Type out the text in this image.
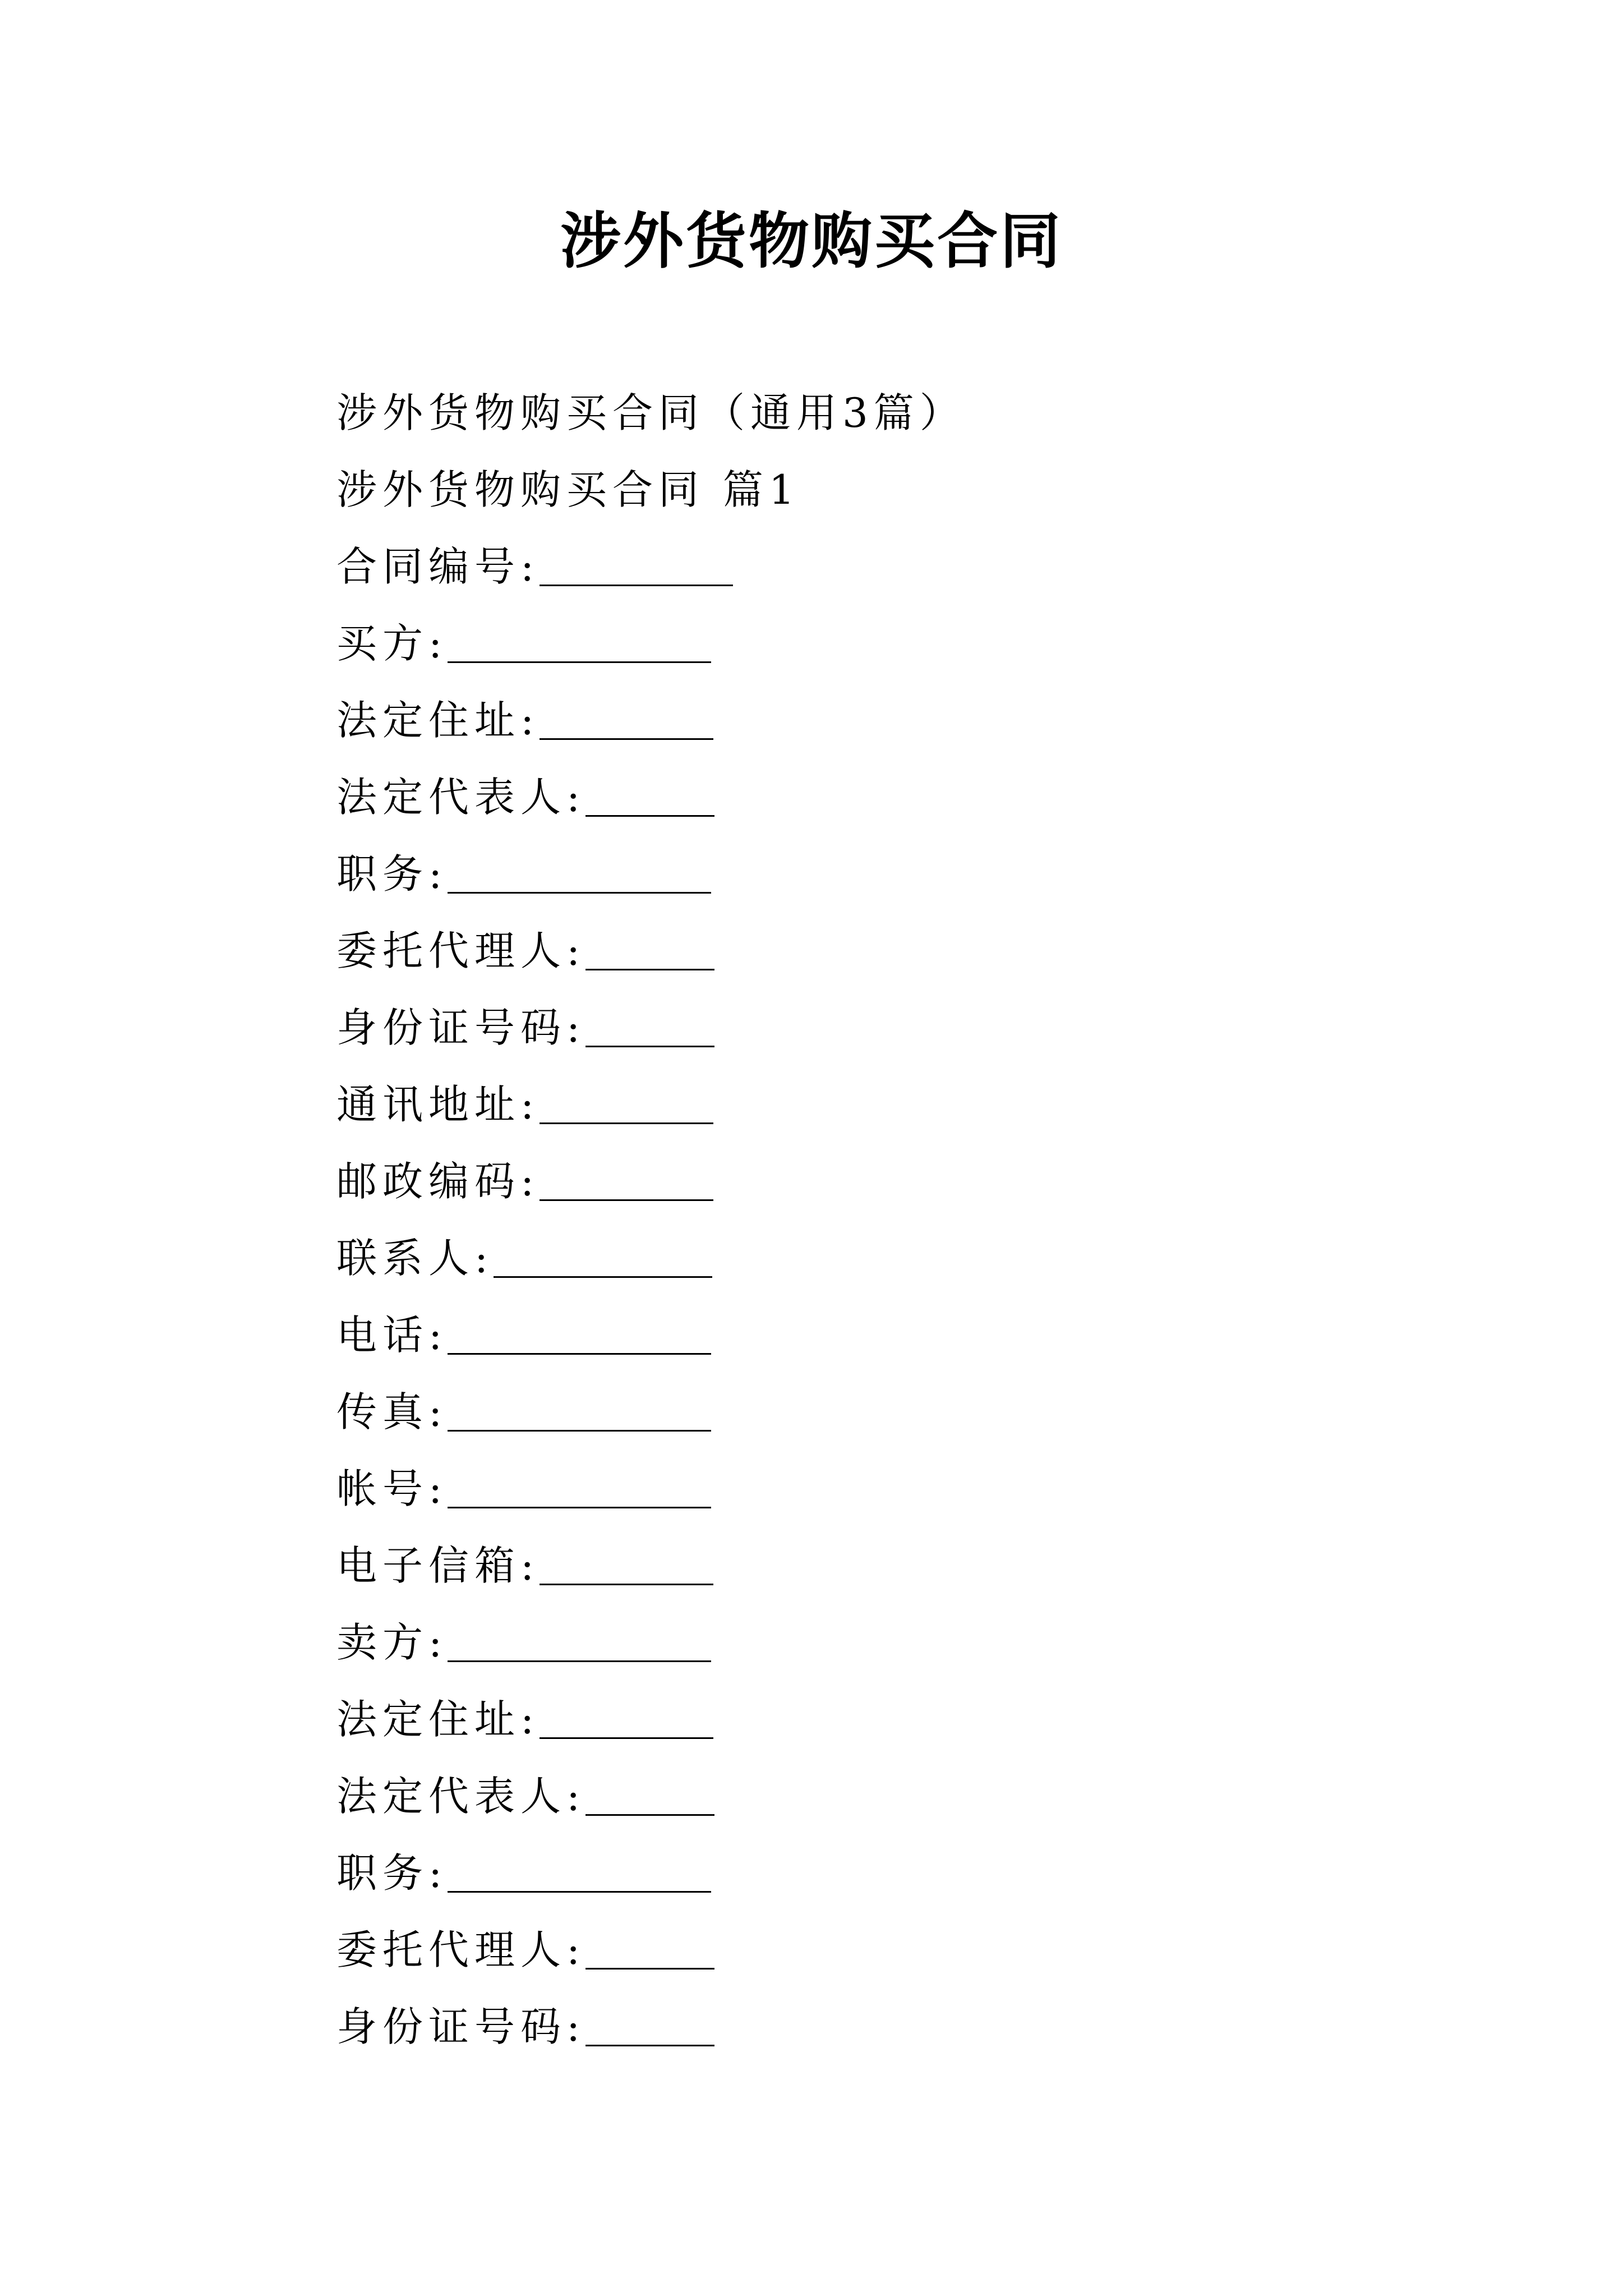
涉外货物购买合同
涉外货物购买合同（通用3篇）
涉外货物购买合同 篇1
合同编号:
买方:
法定住址:
法定代表人:
职务:
委托代理人:
身份证号码:
通讯地址:
邮政编码:
联系人:
电话:
传真:
帐号:
电子信箱:
卖方:
法定住址:
法定代表人:
职务:
委托代理人:
身份证号码:
